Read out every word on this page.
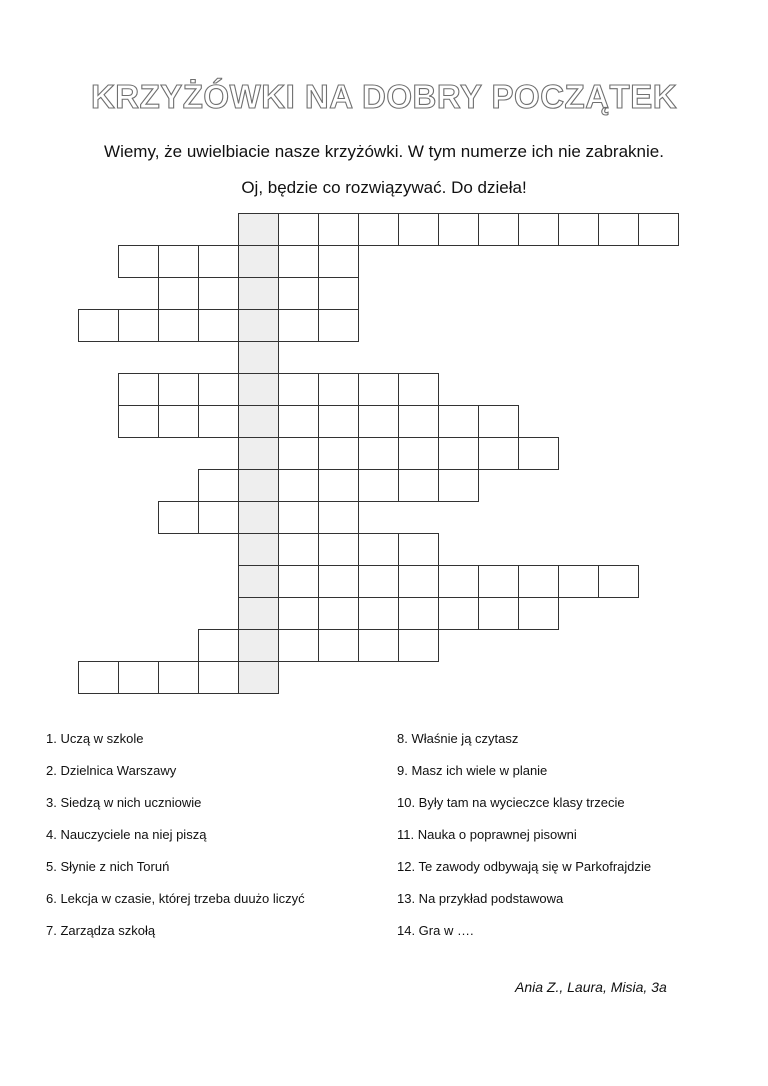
KRZYŻÓWKI NA DOBRY POCZĄTEK
Wiemy, że uwielbiacie nasze krzyżówki. W tym numerze ich nie zabraknie.
Oj, będzie co rozwiązywać. Do dzieła!
1. Uczą w szkole
2. Dzielnica Warszawy
3. Siedzą w nich uczniowie
4. Nauczyciele na niej piszą
5. Słynie z nich Toruń
6. Lekcja w czasie, której trzeba duużo liczyć
7. Zarządza szkołą
8. Właśnie ją czytasz
9. Masz ich wiele w planie
10. Były tam na wycieczce klasy trzecie
11. Nauka o poprawnej pisowni
12. Te zawody odbywają się w Parkofrajdzie
13. Na przykład podstawowa
14. Gra w ….
Ania Z., Laura, Misia, 3a
